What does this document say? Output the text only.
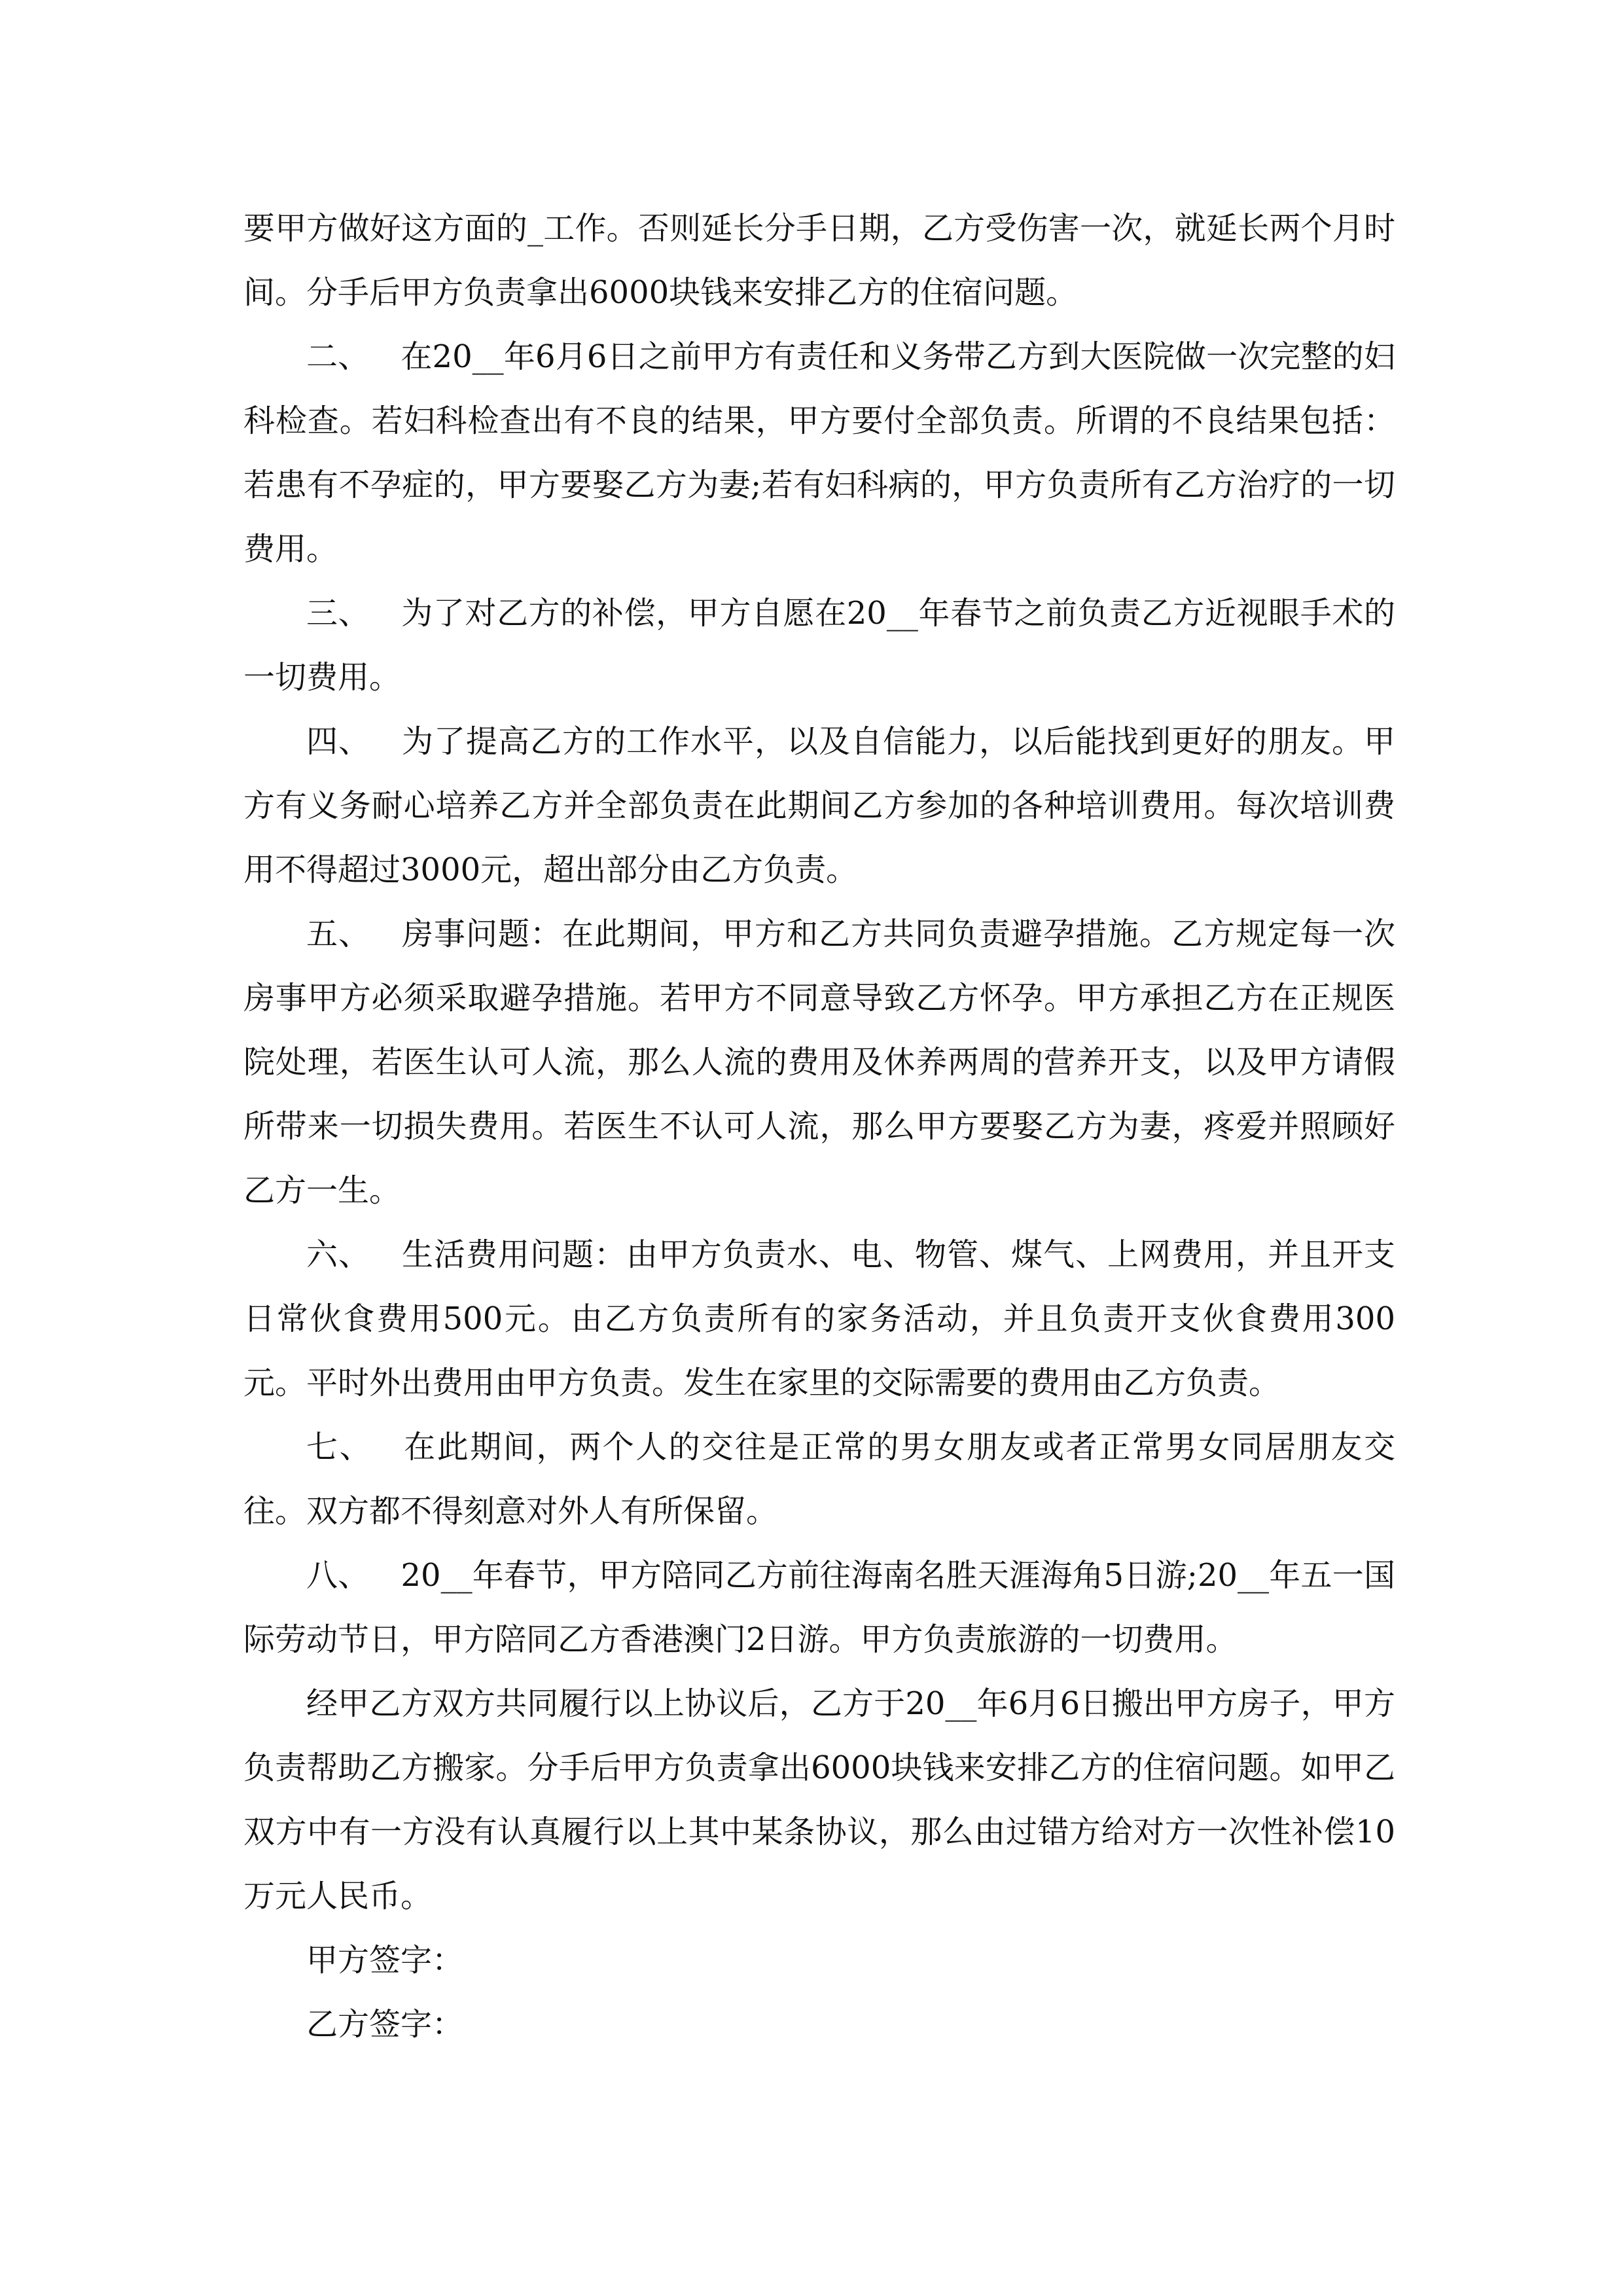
要甲方做好这方面的_工作。否则延长分手日期，乙方受伤害一次，就延长两个月时间。分手后甲方负责拿出6000块钱来安排乙方的住宿问题。

二、 在20__年6月6日之前甲方有责任和义务带乙方到大医院做一次完整的妇科检查。若妇科检查出有不良的结果，甲方要付全部负责。所谓的不良结果包括：若患有不孕症的，甲方要娶乙方为妻;若有妇科病的，甲方负责所有乙方治疗的一切费用。

三、 为了对乙方的补偿，甲方自愿在20__年春节之前负责乙方近视眼手术的一切费用。

四、 为了提高乙方的工作水平，以及自信能力，以后能找到更好的朋友。甲方有义务耐心培养乙方并全部负责在此期间乙方参加的各种培训费用。每次培训费用不得超过3000元，超出部分由乙方负责。

五、 房事问题：在此期间，甲方和乙方共同负责避孕措施。乙方规定每一次房事甲方必须采取避孕措施。若甲方不同意导致乙方怀孕。甲方承担乙方在正规医院处理，若医生认可人流，那么人流的费用及休养两周的营养开支，以及甲方请假所带来一切损失费用。若医生不认可人流，那么甲方要娶乙方为妻，疼爱并照顾好乙方一生。

六、 生活费用问题：由甲方负责水、电、物管、煤气、上网费用，并且开支日常伙食费用500元。由乙方负责所有的家务活动，并且负责开支伙食费用300元。平时外出费用由甲方负责。发生在家里的交际需要的费用由乙方负责。

七、 在此期间，两个人的交往是正常的男女朋友或者正常男女同居朋友交往。双方都不得刻意对外人有所保留。

八、 20__年春节，甲方陪同乙方前往海南名胜天涯海角5日游;20__年五一国际劳动节日，甲方陪同乙方香港澳门2日游。甲方负责旅游的一切费用。

经甲乙方双方共同履行以上协议后，乙方于20__年6月6日搬出甲方房子，甲方负责帮助乙方搬家。分手后甲方负责拿出6000块钱来安排乙方的住宿问题。如甲乙双方中有一方没有认真履行以上其中某条协议，那么由过错方给对方一次性补偿10万元人民币。

甲方签字：

乙方签字：
